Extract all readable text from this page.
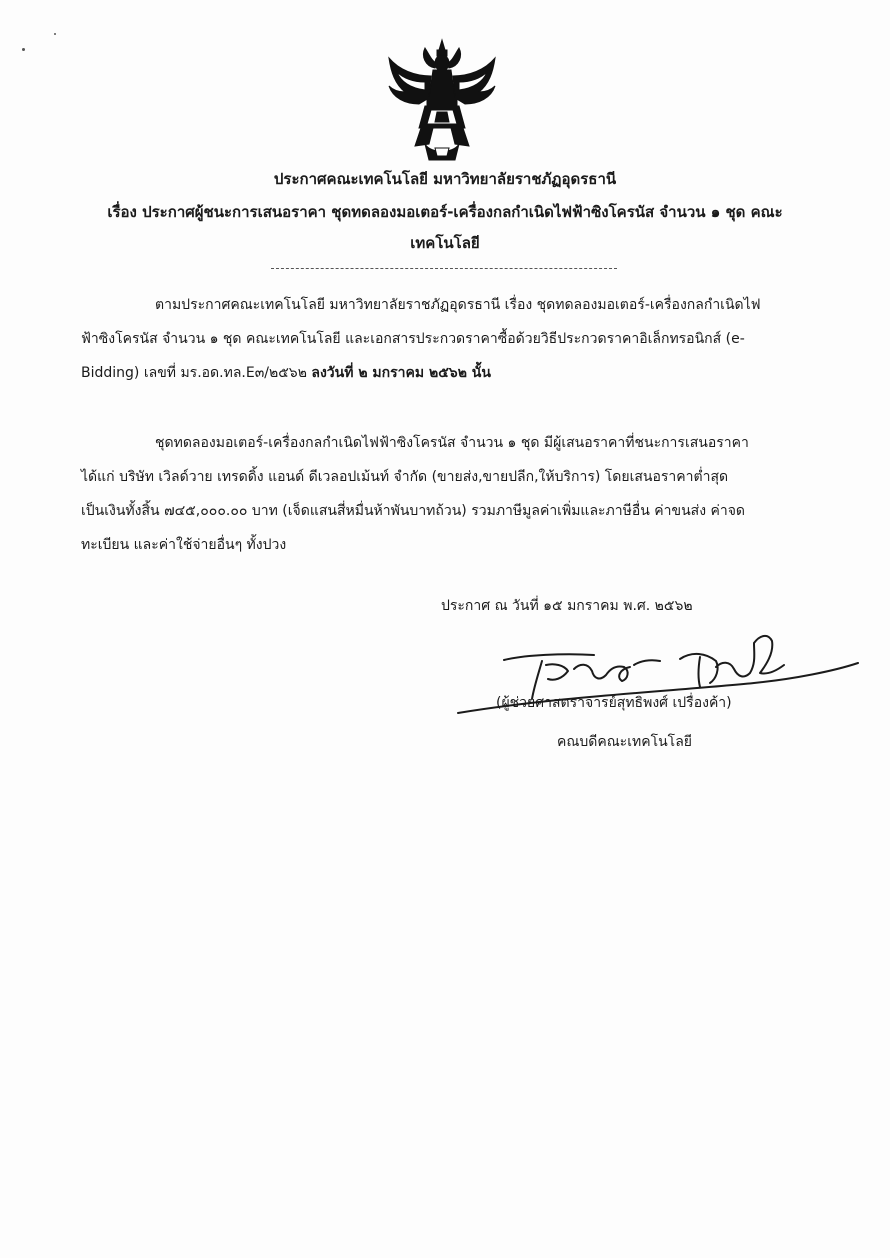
ประกาศคณะเทคโนโลยี มหาวิทยาลัยราชภัฏอุดรธานี
เรื่อง ประกาศผู้ชนะการเสนอราคา ชุดทดลองมอเตอร์-เครื่องกลกำเนิดไฟฟ้าซิงโครนัส จำนวน ๑ ชุด คณะ
เทคโนโลยี
ตามประกาศคณะเทคโนโลยี มหาวิทยาลัยราชภัฏอุดรธานี เรื่อง ชุดทดลองมอเตอร์-เครื่องกลกำเนิดไฟ
ฟ้าซิงโครนัส จำนวน ๑ ชุด คณะเทคโนโลยี และเอกสารประกวดราคาซื้อด้วยวิธีประกวดราคาอิเล็กทรอนิกส์ (e-
Bidding) เลขที่ มร.อด.ทล.E๓/๒๕๖๒ ลงวันที่ ๒ มกราคม ๒๕๖๒ นั้น
ชุดทดลองมอเตอร์-เครื่องกลกำเนิดไฟฟ้าซิงโครนัส จำนวน ๑ ชุด มีผู้เสนอราคาที่ชนะการเสนอราคา
ได้แก่ บริษัท เวิลด์วาย เทรดดิ้ง แอนด์ ดีเวลอปเม้นท์ จำกัด (ขายส่ง,ขายปลีก,ให้บริการ) โดยเสนอราคาต่ำสุด
เป็นเงินทั้งสิ้น ๗๔๕,๐๐๐.๐๐ บาท (เจ็ดแสนสี่หมื่นห้าพันบาทถ้วน) รวมภาษีมูลค่าเพิ่มและภาษีอื่น ค่าขนส่ง ค่าจด
ทะเบียน และค่าใช้จ่ายอื่นๆ ทั้งปวง
ประกาศ ณ วันที่ ๑๕ มกราคม พ.ศ. ๒๕๖๒
(ผู้ช่วยศาสตราจารย์สุทธิพงศ์ เปรื่องค้า)
คณบดีคณะเทคโนโลยี
